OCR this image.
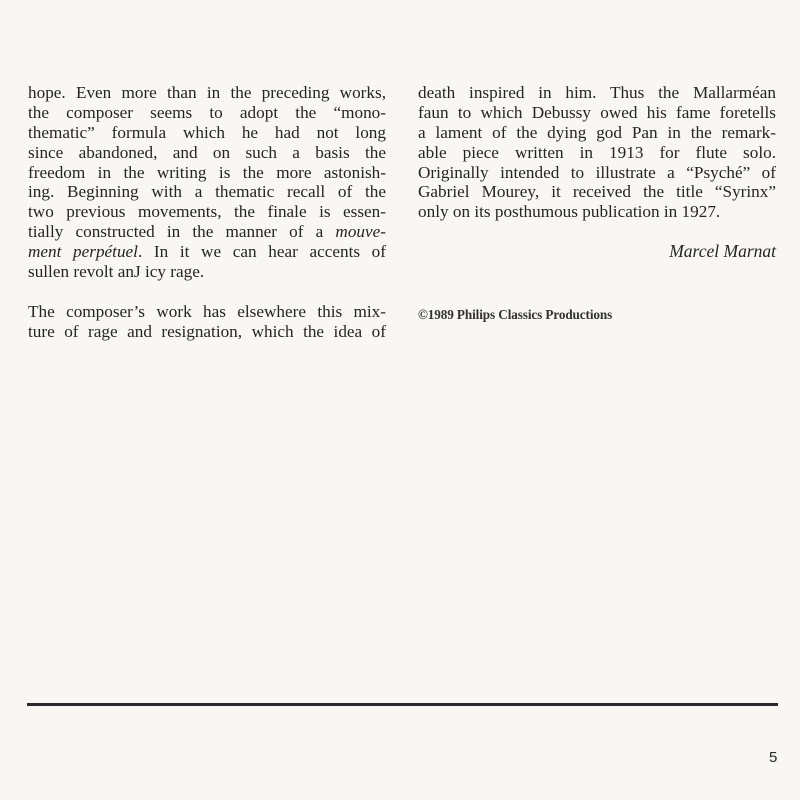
hope. Even more than in the preceding works,
the composer seems to adopt the “mono-
thematic” formula which he had not long
since abandoned, and on such a basis the
freedom in the writing is the more astonish-
ing. Beginning with a thematic recall of the
two previous movements, the finale is essen-
tially constructed in the manner of a mouve-
ment perpétuel. In it we can hear accents of
sullen revolt anJ icy rage.
The composer’s work has elsewhere this mix-
ture of rage and resignation, which the idea of
death inspired in him. Thus the Mallarméan
faun to which Debussy owed his fame foretells
a lament of the dying god Pan in the remark-
able piece written in 1913 for flute solo.
Originally intended to illustrate a “Psyché” of
Gabriel Mourey, it received the title “Syrinx”
only on its posthumous publication in 1927.
Marcel Marnat
©1989 Philips Classics Productions
5
